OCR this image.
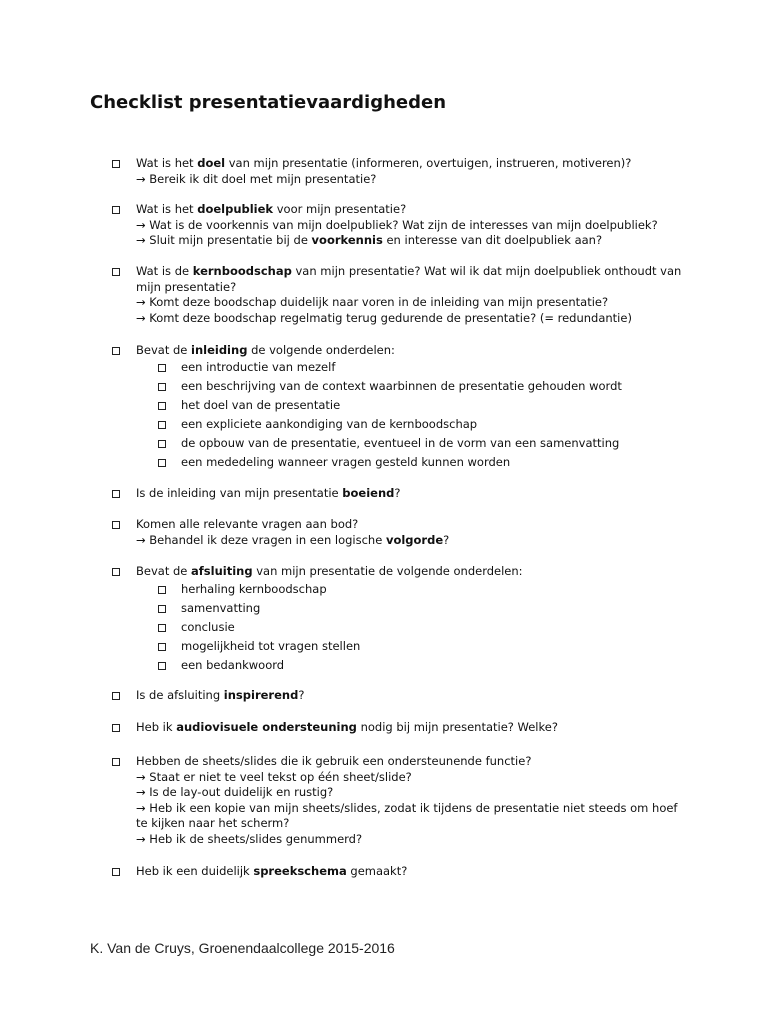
Checklist presentatievaardigheden
Wat is het doel van mijn presentatie (informeren, overtuigen, instrueren, motiveren)?
→ Bereik ik dit doel met mijn presentatie?
Wat is het doelpubliek voor mijn presentatie?
→ Wat is de voorkennis van mijn doelpubliek? Wat zijn de interesses van mijn doelpubliek?
→ Sluit mijn presentatie bij de voorkennis en interesse van dit doelpubliek aan?
Wat is de kernboodschap van mijn presentatie? Wat wil ik dat mijn doelpubliek onthoudt van
mijn presentatie?
→ Komt deze boodschap duidelijk naar voren in de inleiding van mijn presentatie?
→ Komt deze boodschap regelmatig terug gedurende de presentatie? (= redundantie)
Bevat de inleiding de volgende onderdelen:
een introductie van mezelf
een beschrijving van de context waarbinnen de presentatie gehouden wordt
het doel van de presentatie
een expliciete aankondiging van de kernboodschap
de opbouw van de presentatie, eventueel in de vorm van een samenvatting
een mededeling wanneer vragen gesteld kunnen worden
Is de inleiding van mijn presentatie boeiend?
Komen alle relevante vragen aan bod?
→ Behandel ik deze vragen in een logische volgorde?
Bevat de afsluiting van mijn presentatie de volgende onderdelen:
herhaling kernboodschap
samenvatting
conclusie
mogelijkheid tot vragen stellen
een bedankwoord
Is de afsluiting inspirerend?
Heb ik audiovisuele ondersteuning nodig bij mijn presentatie? Welke?
Hebben de sheets/slides die ik gebruik een ondersteunende functie?
→ Staat er niet te veel tekst op één sheet/slide?
→ Is de lay-out duidelijk en rustig?
→ Heb ik een kopie van mijn sheets/slides, zodat ik tijdens de presentatie niet steeds om hoef
te kijken naar het scherm?
→ Heb ik de sheets/slides genummerd?
Heb ik een duidelijk spreekschema gemaakt?

K. Van de Cruys, Groenendaalcollege 2015-2016
